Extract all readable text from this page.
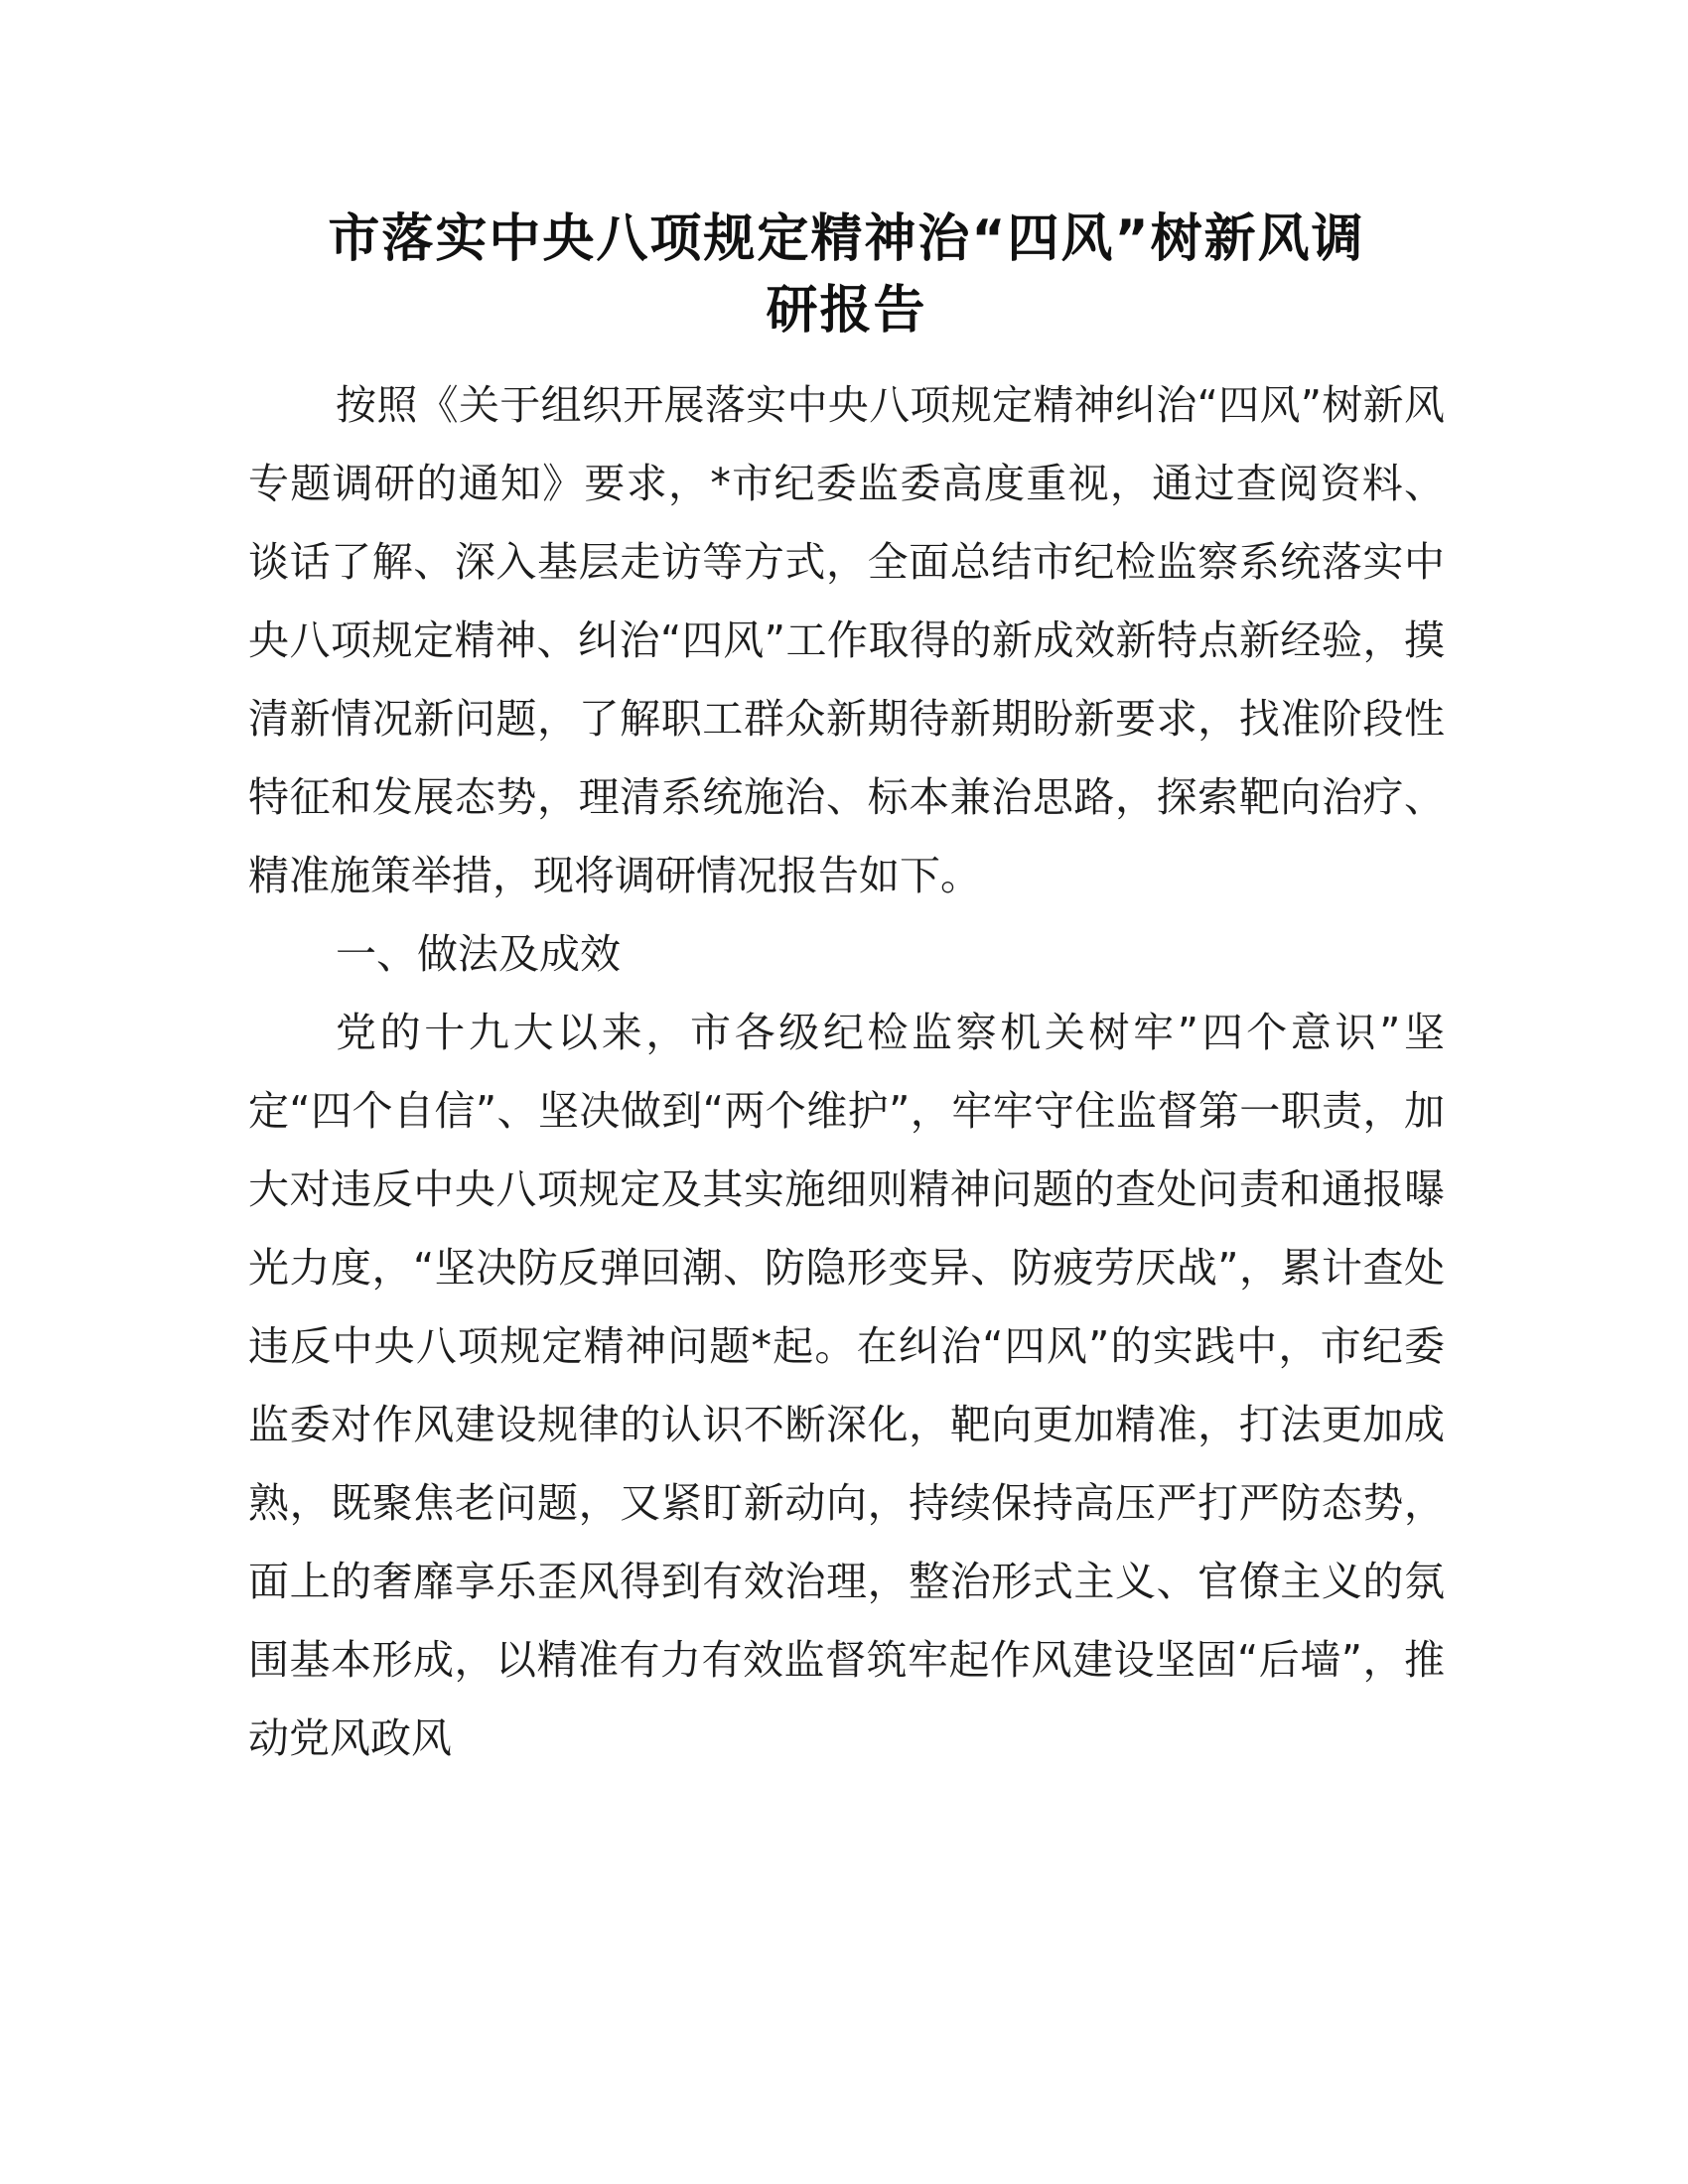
市落实中央八项规定精神治“四风”树新风调
研报告

按照《关于组织开展落实中央八项规定精神纠治“四风”树新风专题调研的通知》要求，*市纪委监委高度重视，通过查阅资料、谈话了解、深入基层走访等方式，全面总结市纪检监察系统落实中央八项规定精神、纠治“四风”工作取得的新成效新特点新经验，摸清新情况新问题，了解职工群众新期待新期盼新要求，找准阶段性特征和发展态势，理清系统施治、标本兼治思路，探索靶向治疗、精准施策举措，现将调研情况报告如下。

一、做法及成效

党的十九大以来，市各级纪检监察机关树牢”四个意识”坚定“四个自信”、坚决做到“两个维护”，牢牢守住监督第一职责，加大对违反中央八项规定及其实施细则精神问题的查处问责和通报曝光力度，“坚决防反弹回潮、防隐形变异、防疲劳厌战”，累计查处违反中央八项规定精神问题*起。在纠治“四风”的实践中，市纪委监委对作风建设规律的认识不断深化，靶向更加精准，打法更加成熟，既聚焦老问题，又紧盯新动向，持续保持高压严打严防态势，面上的奢靡享乐歪风得到有效治理，整治形式主义、官僚主义的氛围基本形成，以精准有力有效监督筑牢起作风建设坚固“后墙”，推动党风政风
